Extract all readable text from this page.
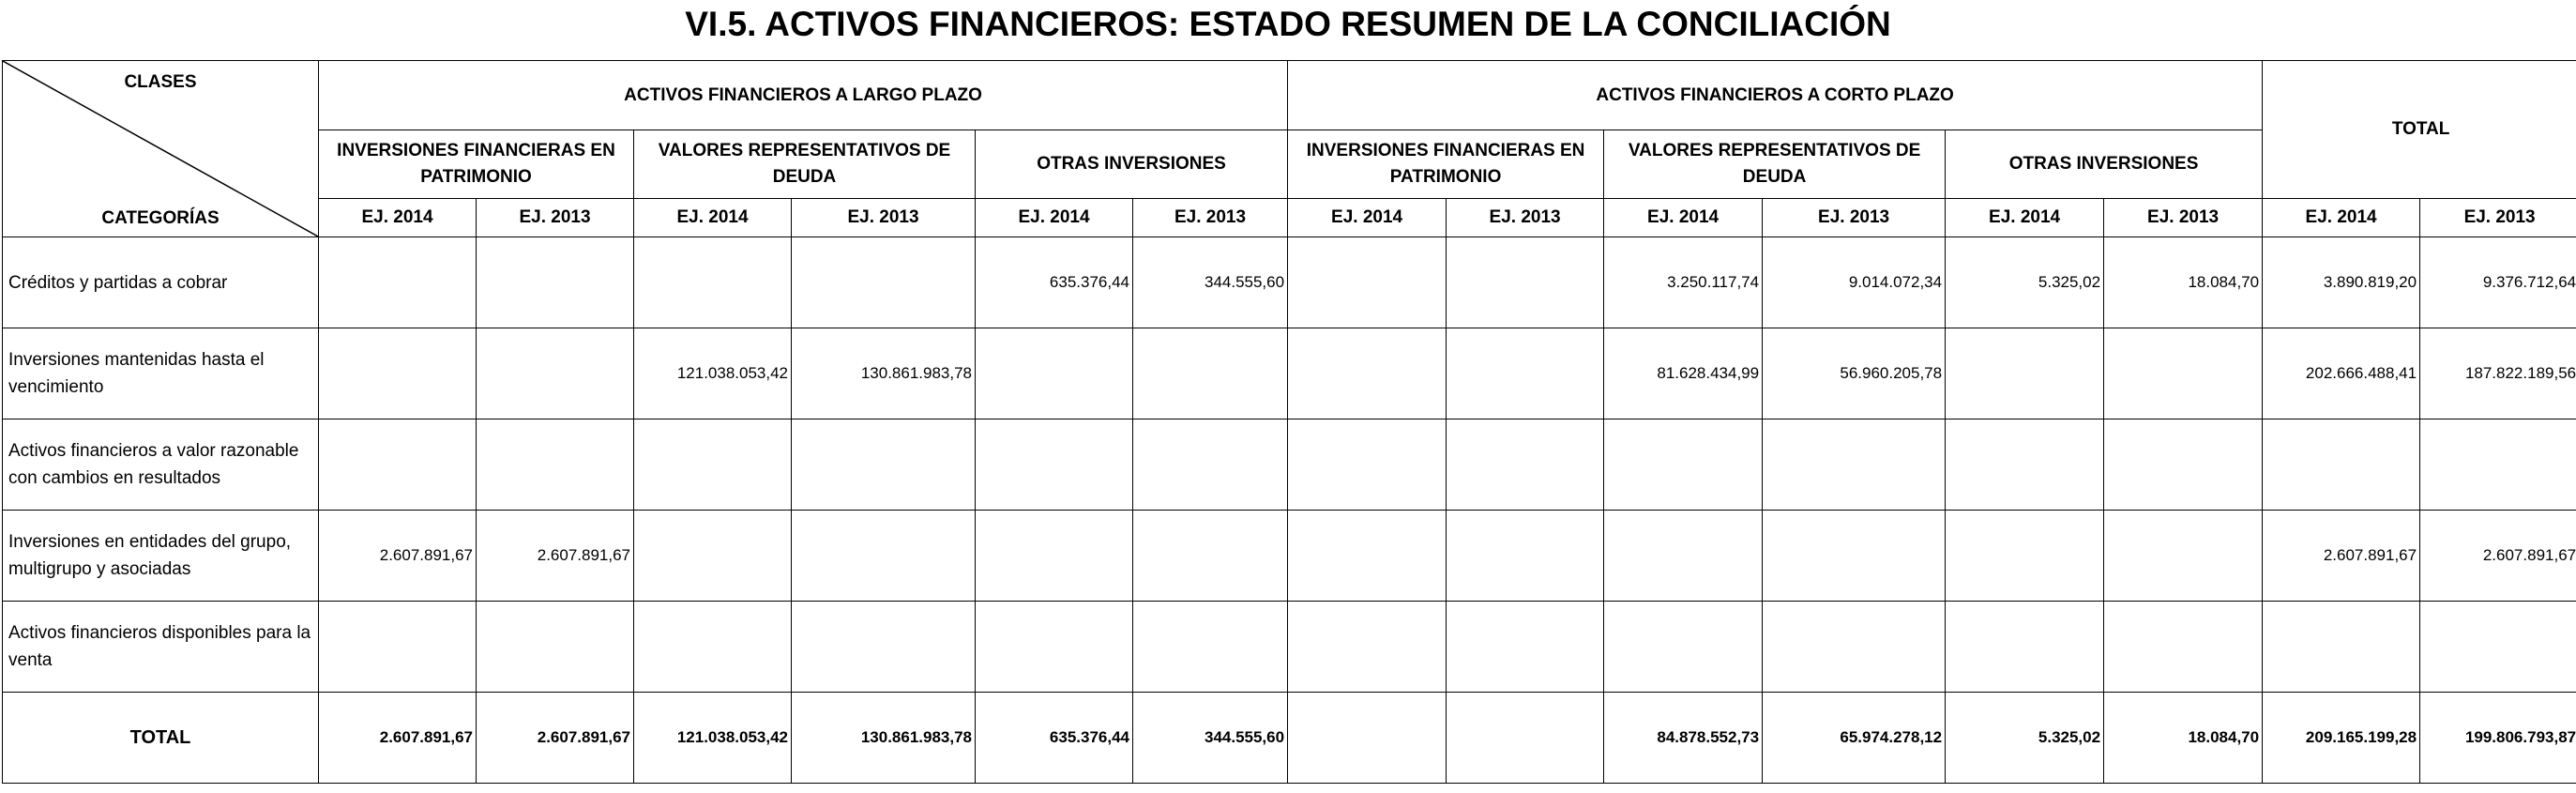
VI.5. ACTIVOS FINANCIEROS: ESTADO RESUMEN DE LA CONCILIACIÓN
CLASES
CATEGORÍAS	ACTIVOS FINANCIEROS A LARGO PLAZO						ACTIVOS FINANCIEROS A CORTO PLAZO						TOTAL	
	INVERSIONES FINANCIERAS EN PATRIMONIO		VALORES REPRESENTATIVOS DE DEUDA		OTRAS INVERSIONES		INVERSIONES FINANCIERAS EN PATRIMONIO		VALORES REPRESENTATIVOS DE DEUDA		OTRAS INVERSIONES			
	EJ. 2014	EJ. 2013	EJ. 2014	EJ. 2013	EJ. 2014	EJ. 2013	EJ. 2014	EJ. 2013	EJ. 2014	EJ. 2013	EJ. 2014	EJ. 2013	EJ. 2014	EJ. 2013
Créditos y partidas a cobrar					635.376,44	344.555,60			3.250.117,74	9.014.072,34	5.325,02	18.084,70	3.890.819,20	9.376.712,64
Inversiones mantenidas hasta el vencimiento			121.038.053,42	130.861.983,78					81.628.434,99	56.960.205,78			202.666.488,41	187.822.189,56
Activos financieros a valor razonable con cambios en resultados														
Inversiones en entidades del grupo, multigrupo y asociadas	2.607.891,67	2.607.891,67											2.607.891,67	2.607.891,67
Activos financieros disponibles para la venta														
TOTAL	2.607.891,67	2.607.891,67	121.038.053,42	130.861.983,78	635.376,44	344.555,60			84.878.552,73	65.974.278,12	5.325,02	18.084,70	209.165.199,28	199.806.793,87
